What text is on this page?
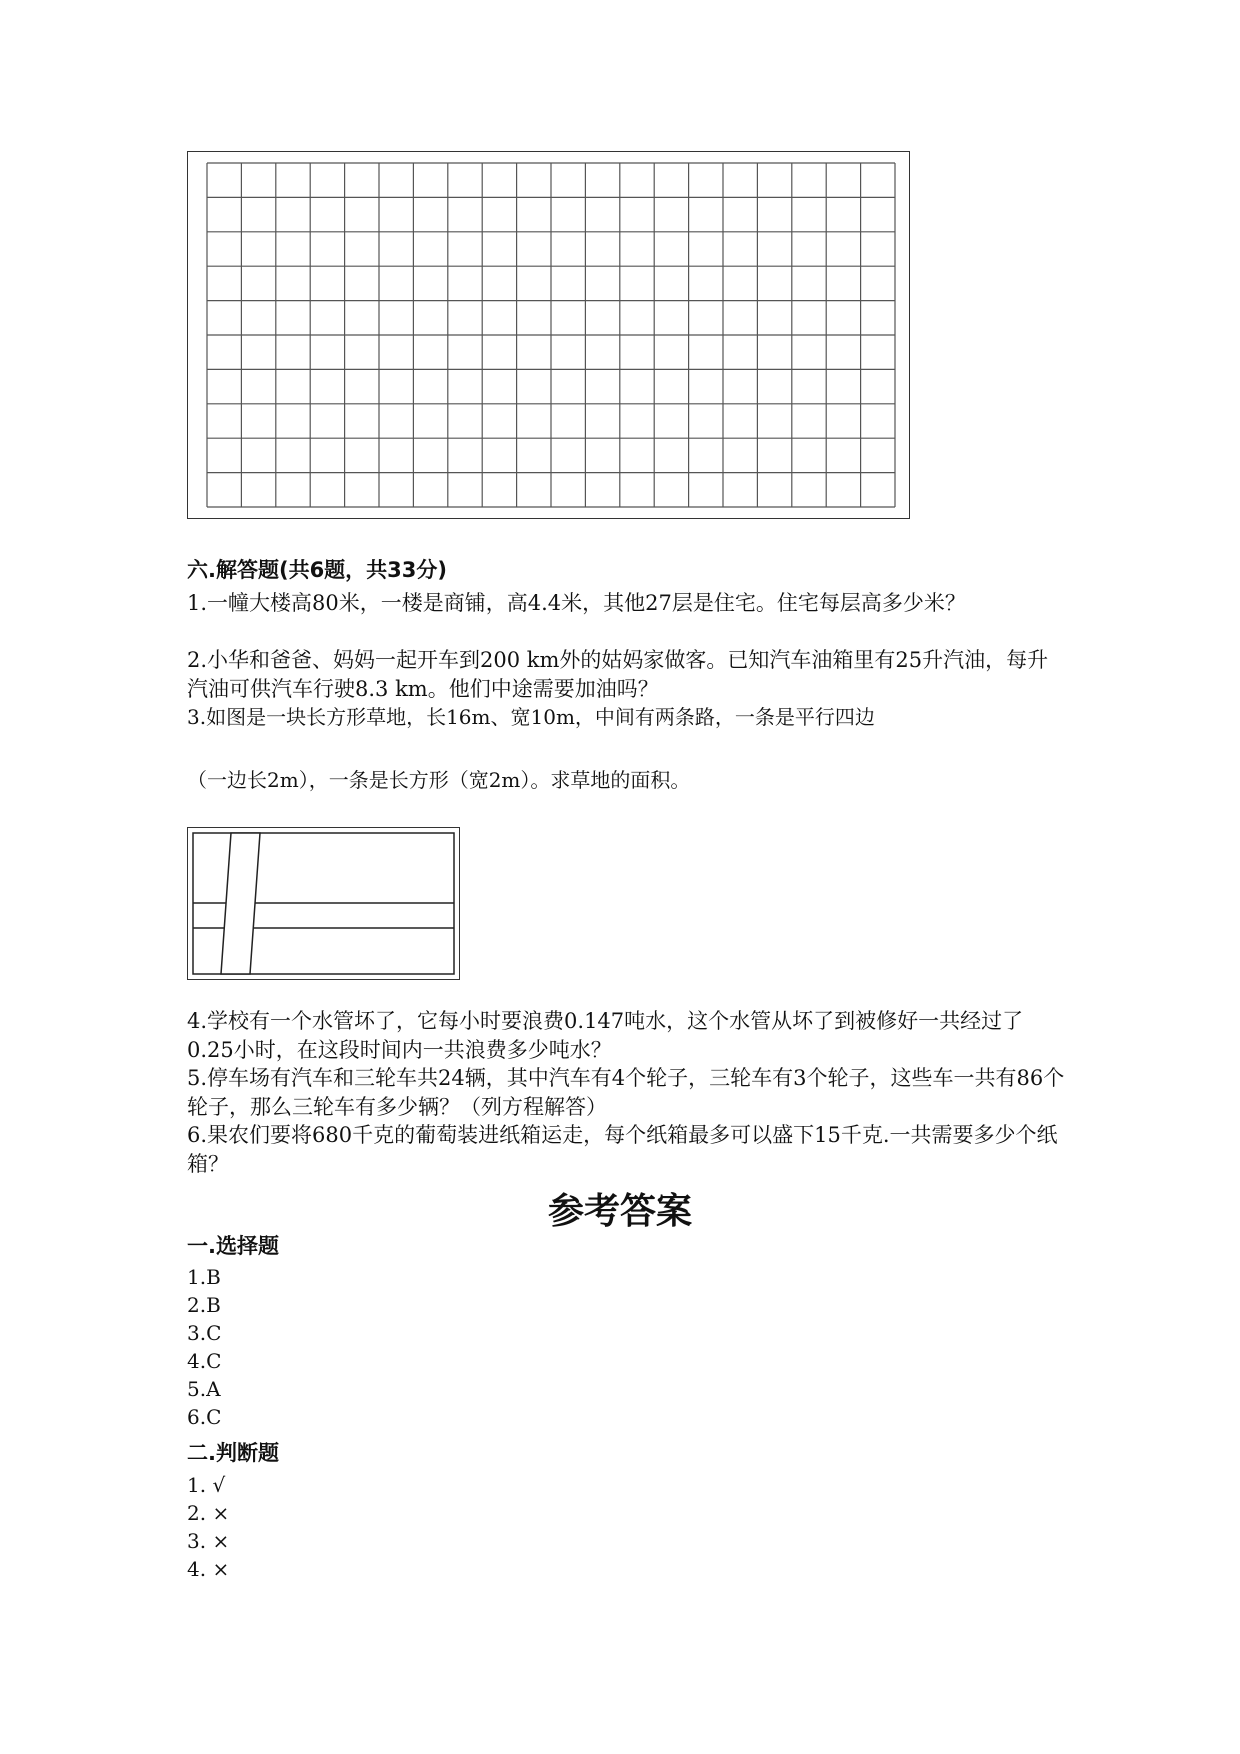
六.解答题(共6题，共33分)
1.一幢大楼高80米，一楼是商铺，高4.4米，其他27层是住宅。住宅每层高多少米？
2.小华和爸爸、妈妈一起开车到200 km外的姑妈家做客。已知汽车油箱里有25升汽油，每升汽油可供汽车行驶8.3 km。他们中途需要加油吗？
3.如图是一块长方形草地，长16m、宽10m，中间有两条路，一条是平行四边
（一边长2m），一条是长方形（宽2m）。求草地的面积。
4.学校有一个水管坏了，它每小时要浪费0.147吨水，这个水管从坏了到被修好一共经过了0.25小时，在这段时间内一共浪费多少吨水？
5.停车场有汽车和三轮车共24辆，其中汽车有4个轮子，三轮车有3个轮子，这些车一共有86个轮子，那么三轮车有多少辆？（列方程解答）
6.果农们要将680千克的葡萄装进纸箱运走，每个纸箱最多可以盛下15千克.一共需要多少个纸箱？
参考答案
一.选择题
1.B
2.B
3.C
4.C
5.A
6.C
二.判断题
1. √
2. ×
3. ×
4. ×
